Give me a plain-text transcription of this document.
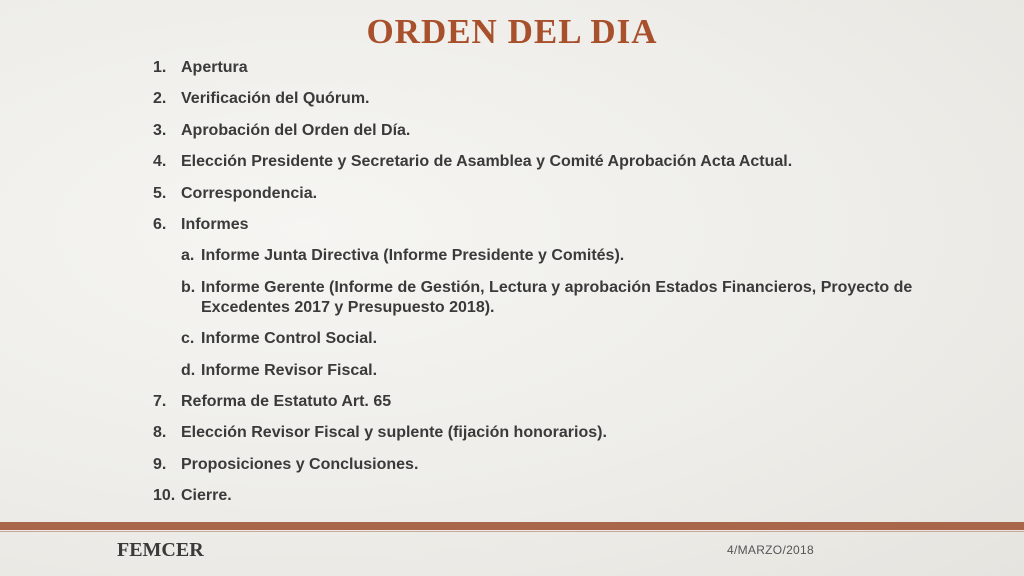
ORDEN DEL DIA
1. Apertura
2. Verificación del Quórum.
3. Aprobación del Orden del Día.
4. Elección Presidente y Secretario de Asamblea y Comité Aprobación Acta Actual.
5. Correspondencia.
6. Informes
a. Informe Junta Directiva (Informe Presidente y Comités).
b. Informe Gerente (Informe de Gestión, Lectura y aprobación Estados Financieros, Proyecto de Excedentes 2017 y Presupuesto 2018).
c. Informe Control Social.
d. Informe Revisor Fiscal.
7. Reforma de Estatuto Art. 65
8. Elección Revisor Fiscal y suplente (fijación honorarios).
9. Proposiciones y Conclusiones.
10. Cierre.
FEMCER	4/MARZO/2018
